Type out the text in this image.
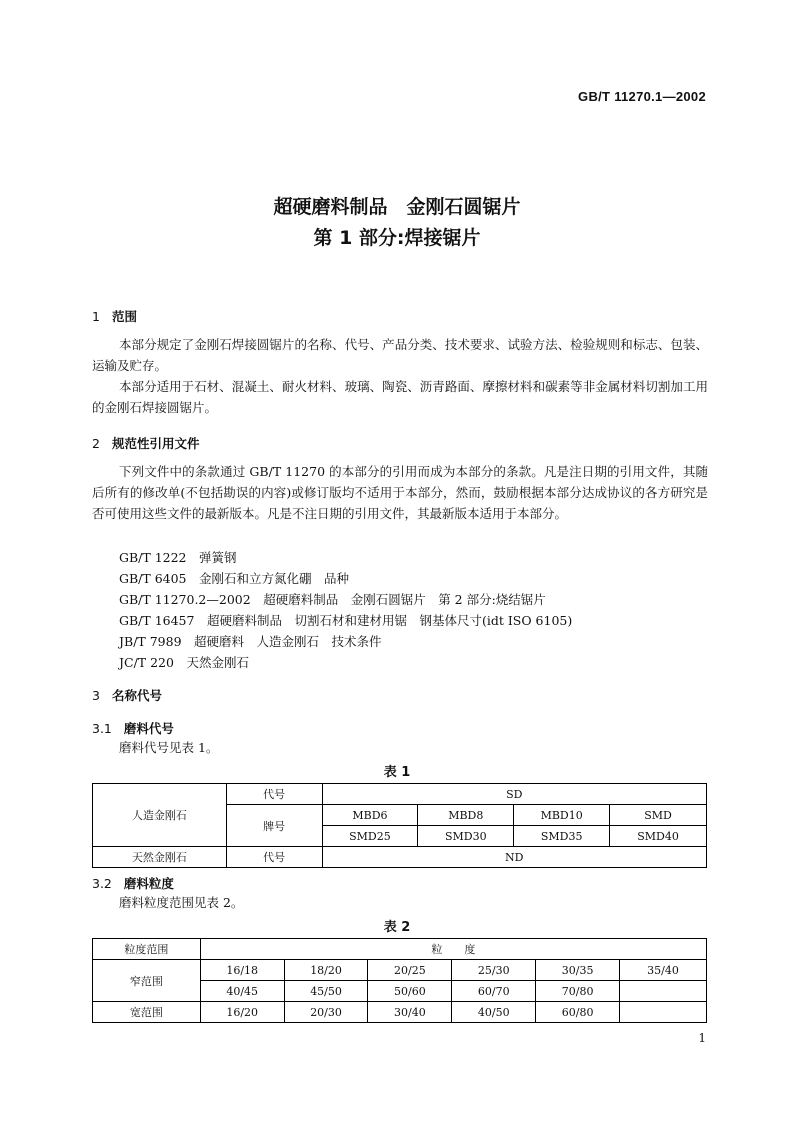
GB/T 11270.1—2002
超硬磨料制品　金刚石圆锯片
第 1 部分:焊接锯片
1 范围
本部分规定了金刚石焊接圆锯片的名称、代号、产品分类、技术要求、试验方法、检验规则和标志、包装、运输及贮存。
本部分适用于石材、混凝土、耐火材料、玻璃、陶瓷、沥青路面、摩擦材料和碳素等非金属材料切割加工用的金刚石焊接圆锯片。
2 规范性引用文件
下列文件中的条款通过 GB/T 11270 的本部分的引用而成为本部分的条款。凡是注日期的引用文件，其随后所有的修改单(不包括勘误的内容)或修订版均不适用于本部分，然而，鼓励根据本部分达成协议的各方研究是否可使用这些文件的最新版本。凡是不注日期的引用文件，其最新版本适用于本部分。
GB/T 1222　弹簧钢
GB/T 6405　金刚石和立方氮化硼　品种
GB/T 11270.2—2002　超硬磨料制品　金刚石圆锯片　第 2 部分:烧结锯片
GB/T 16457　超硬磨料制品　切割石材和建材用锯　钢基体尺寸(idt ISO 6105)
JB/T 7989　超硬磨料　人造金刚石　技术条件
JC/T 220　天然金刚石
3 名称代号
3.1 磨料代号
磨料代号见表 1。
表 1
人造金刚石	代号	SD			
	牌号	MBD6	MBD8	MBD10	SMD
		SMD25	SMD30	SMD35	SMD40
天然金刚石	代号	ND			
3.2 磨料粒度
磨料粒度范围见表 2。
表 2
粒度范围	粒　　度					
窄范围	16/18	18/20	20/25	25/30	30/35	35/40
	40/45	45/50	50/60	60/70	70/80	
宽范围	16/20	20/30	30/40	40/50	60/80	
1
